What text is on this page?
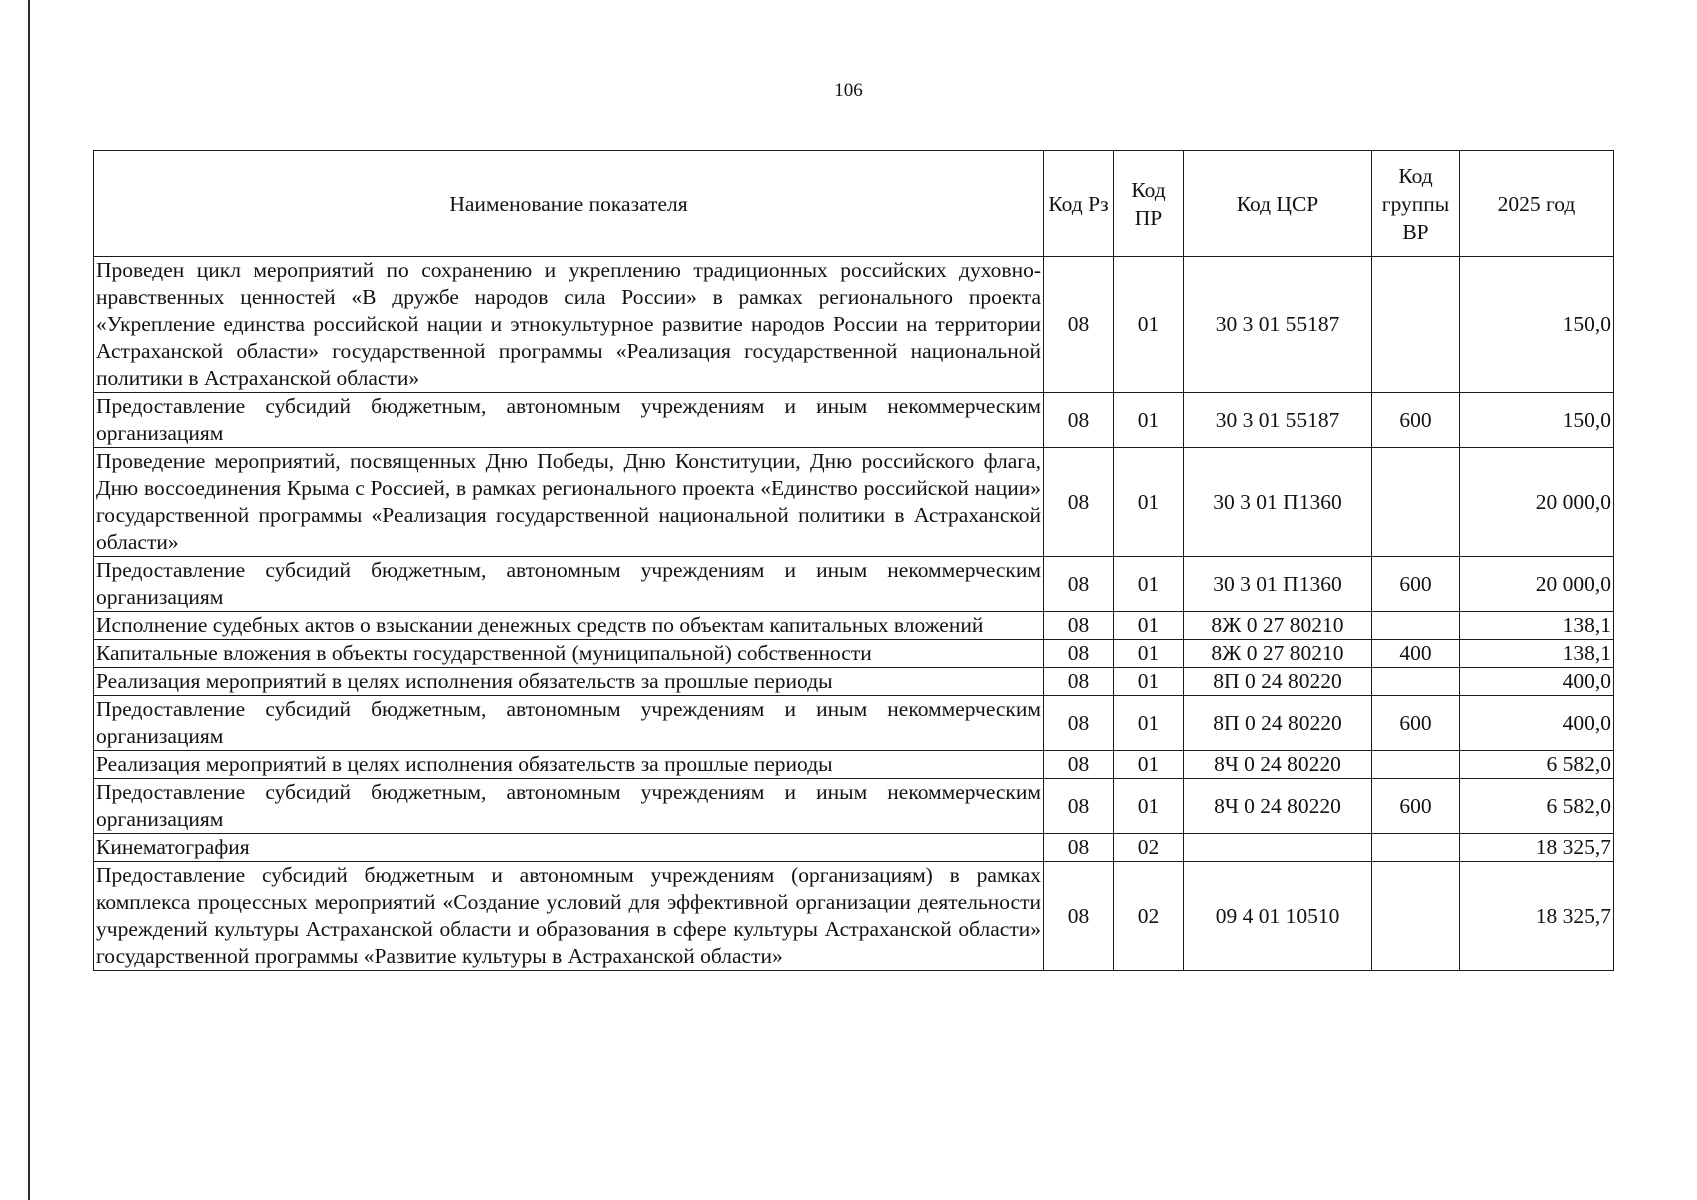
106
Наименование показателя	Код Рз	Код ПР	Код ЦСР	Код группы ВР	2025 год
Проведен цикл мероприятий по сохранению и укреплению традиционных российских духовно-нравственных ценностей «В дружбе народов сила России» в рамках регионального проекта «Укрепление единства российской нации и этнокультурное развитие народов России на территории Астраханской области» государственной программы «Реализация государственной национальной политики в Астраханской области»	08	01	30 3 01 55187		150,0
Предоставление субсидий бюджетным, автономным учреждениям и иным некоммерческим организациям	08	01	30 3 01 55187	600	150,0
Проведение мероприятий, посвященных Дню Победы, Дню Конституции, Дню российского флага, Дню воссоединения Крыма с Россией, в рамках регионального проекта «Единство российской нации» государственной программы «Реализация государственной национальной политики в Астраханской области»	08	01	30 3 01 П1360		20 000,0
Предоставление субсидий бюджетным, автономным учреждениям и иным некоммерческим организациям	08	01	30 3 01 П1360	600	20 000,0
Исполнение судебных актов о взыскании денежных средств по объектам капитальных вложений	08	01	8Ж 0 27 80210		138,1
Капитальные вложения в объекты государственной (муниципальной) собственности	08	01	8Ж 0 27 80210	400	138,1
Реализация мероприятий в целях исполнения обязательств за прошлые периоды	08	01	8П 0 24 80220		400,0
Предоставление субсидий бюджетным, автономным учреждениям и иным некоммерческим организациям	08	01	8П 0 24 80220	600	400,0
Реализация мероприятий в целях исполнения обязательств за прошлые периоды	08	01	8Ч 0 24 80220		6 582,0
Предоставление субсидий бюджетным, автономным учреждениям и иным некоммерческим организациям	08	01	8Ч 0 24 80220	600	6 582,0
Кинематография	08	02			18 325,7
Предоставление субсидий бюджетным и автономным учреждениям (организациям) в рамках комплекса процессных мероприятий «Создание условий для эффективной организации деятельности учреждений культуры Астраханской области и образования в сфере культуры Астраханской области» государственной программы «Развитие культуры в Астраханской области»	08	02	09 4 01 10510		18 325,7
